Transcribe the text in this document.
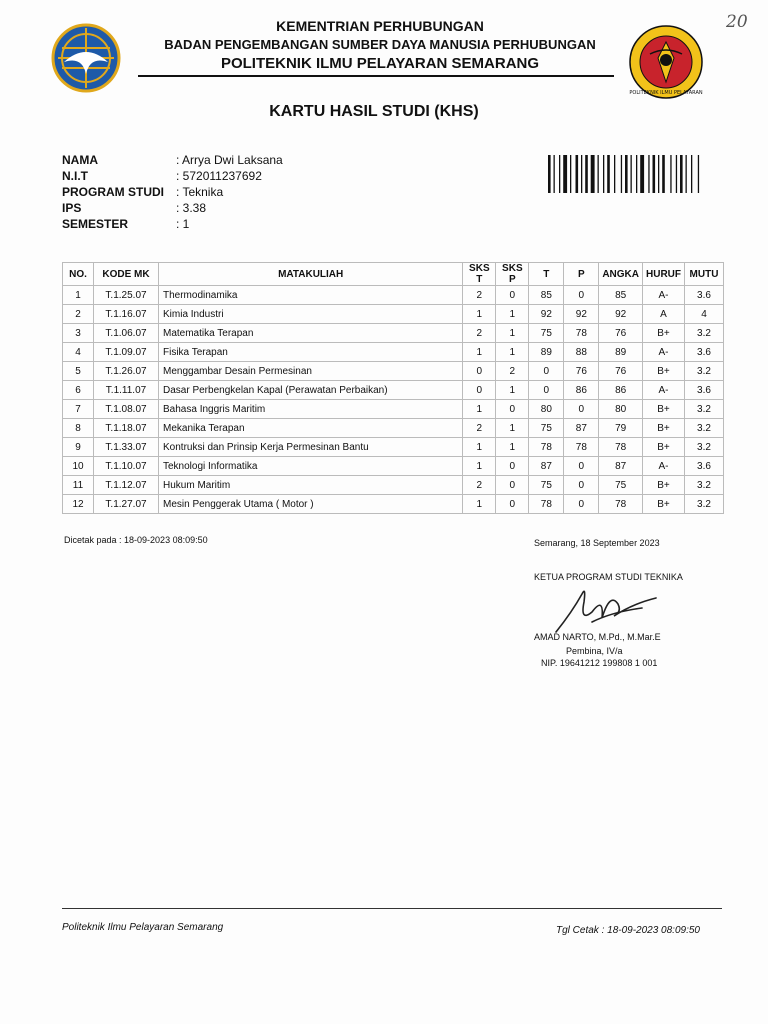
20
KEMENTRIAN PERHUBUNGAN
BADAN PENGEMBANGAN SUMBER DAYA MANUSIA PERHUBUNGAN
POLITEKNIK ILMU PELAYARAN SEMARANG
POLITEKNIK ILMU PELAYARAN
KARTU HASIL STUDI (KHS)
NAMA	: Arrya Dwi Laksana
N.I.T	: 572011237692
PROGRAM STUDI	: Teknika
IPS	: 3.38
SEMESTER	: 1
NO.	KODE MK	MATAKULIAH	SKS T	SKS P	T	P	ANGKA	HURUF	MUTU
1	T.1.25.07	Thermodinamika	2	0	85	0	85	A-	3.6
2	T.1.16.07	Kimia Industri	1	1	92	92	92	A	4
3	T.1.06.07	Matematika Terapan	2	1	75	78	76	B+	3.2
4	T.1.09.07	Fisika Terapan	1	1	89	88	89	A-	3.6
5	T.1.26.07	Menggambar Desain Permesinan	0	2	0	76	76	B+	3.2
6	T.1.11.07	Dasar Perbengkelan Kapal (Perawatan Perbaikan)	0	1	0	86	86	A-	3.6
7	T.1.08.07	Bahasa Inggris Maritim	1	0	80	0	80	B+	3.2
8	T.1.18.07	Mekanika Terapan	2	1	75	87	79	B+	3.2
9	T.1.33.07	Kontruksi dan Prinsip Kerja Permesinan Bantu	1	1	78	78	78	B+	3.2
10	T.1.10.07	Teknologi Informatika	1	0	87	0	87	A-	3.6
11	T.1.12.07	Hukum Maritim	2	0	75	0	75	B+	3.2
12	T.1.27.07	Mesin Penggerak Utama ( Motor )	1	0	78	0	78	B+	3.2
Dicetak pada : 18-09-2023 08:09:50	Semarang, 18 September 2023
KETUA PROGRAM STUDI TEKNIKA
AMAD NARTO, M.Pd., M.Mar.E
Pembina, IV/a
NIP. 19641212 199808 1 001
Politeknik Ilmu Pelayaran Semarang	Tgl Cetak : 18-09-2023 08:09:50
